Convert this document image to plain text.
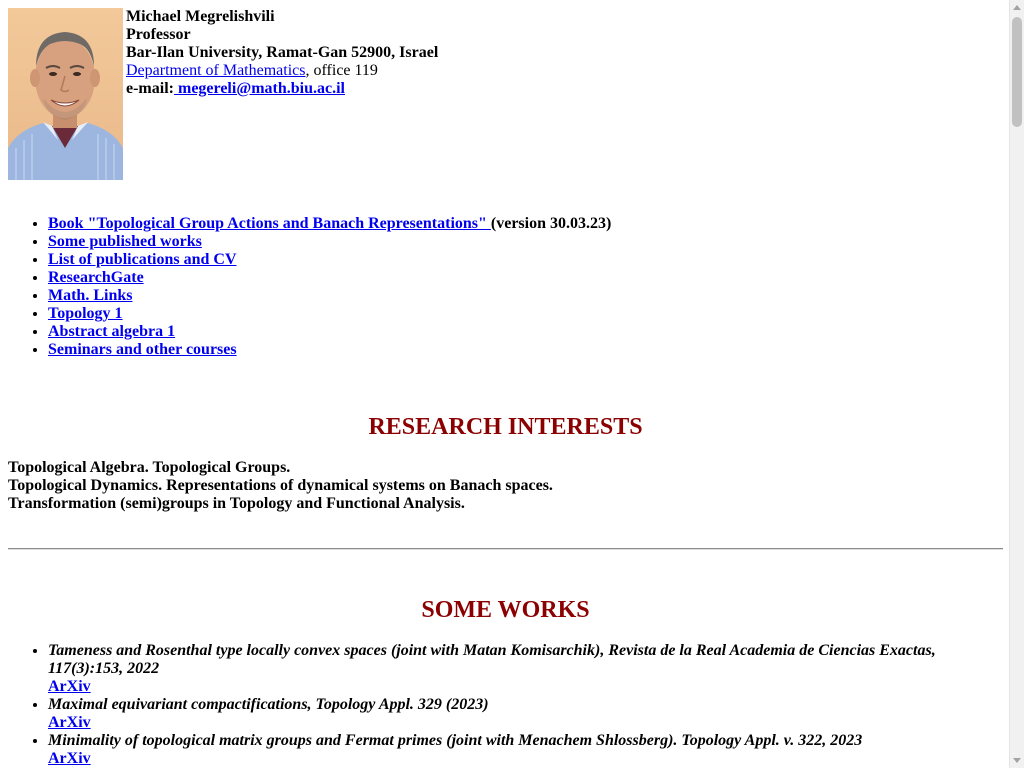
Michael Megrelishvili
Professor
Bar-Ilan University, Ramat-Gan 52900, Israel
Department of Mathematics, office 119
e-mail: megereli@math.biu.ac.il
• Book "Topological Group Actions and Banach Representations" (version 30.03.23)
• Some published works
• List of publications and CV
• ResearchGate
• Math. Links
• Topology 1
• Abstract algebra 1
• Seminars and other courses
RESEARCH INTERESTS
Topological Algebra. Topological Groups.
Topological Dynamics. Representations of dynamical systems on Banach spaces.
Transformation (semi)groups in Topology and Functional Analysis.
SOME WORKS
• Tameness and Rosenthal type locally convex spaces (joint with Matan Komisarchik), Revista de la Real Academia de Ciencias Exactas, 117(3):153, 2022
ArXiv
• Maximal equivariant compactifications, Topology Appl. 329 (2023)
ArXiv
• Minimality of topological matrix groups and Fermat primes (joint with Menachem Shlossberg). Topology Appl. v. 322, 2023
ArXiv
